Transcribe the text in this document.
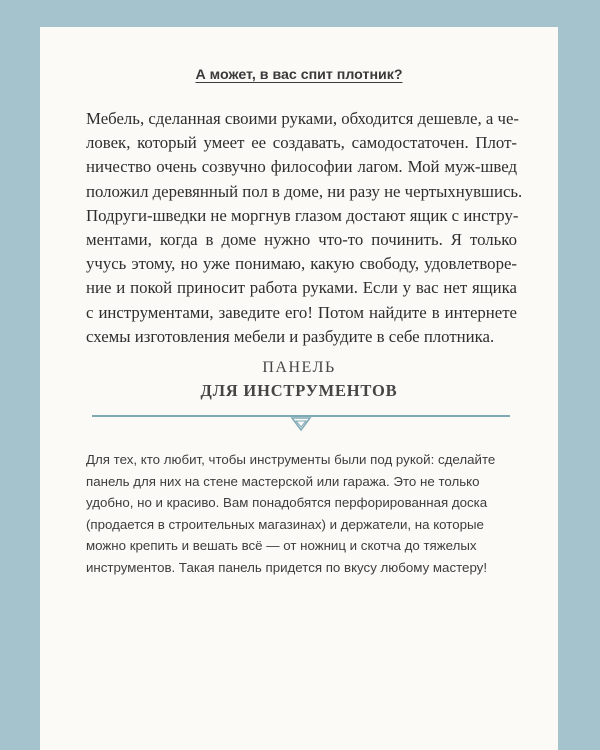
А может, в вас спит плотник?
Мебель, сделанная своими руками, обходится дешевле, а че-
ловек, который умеет ее создавать, самодостаточен. Плот-
ничество очень созвучно философии лагом. Мой муж-швед
положил деревянный пол в доме, ни разу не чертыхнувшись.
Подруги-шведки не моргнув глазом достают ящик с инстру-
ментами, когда в доме нужно что-то починить. Я только
учусь этому, но уже понимаю, какую свободу, удовлетворе-
ние и покой приносит работа руками. Если у вас нет ящика
с инструментами, заведите его! Потом найдите в интернете
схемы изготовления мебели и разбудите в себе плотника.
ПАНЕЛЬ
ДЛЯ ИНСТРУМЕНТОВ
Для тех, кто любит, чтобы инструменты были под рукой: сделайте
панель для них на стене мастерской или гаража. Это не только
удобно, но и красиво. Вам понадобятся перфорированная доска
(продается в строительных магазинах) и держатели, на которые
можно крепить и вешать всё — от ножниц и скотча до тяжелых
инструментов. Такая панель придется по вкусу любому мастеру!
